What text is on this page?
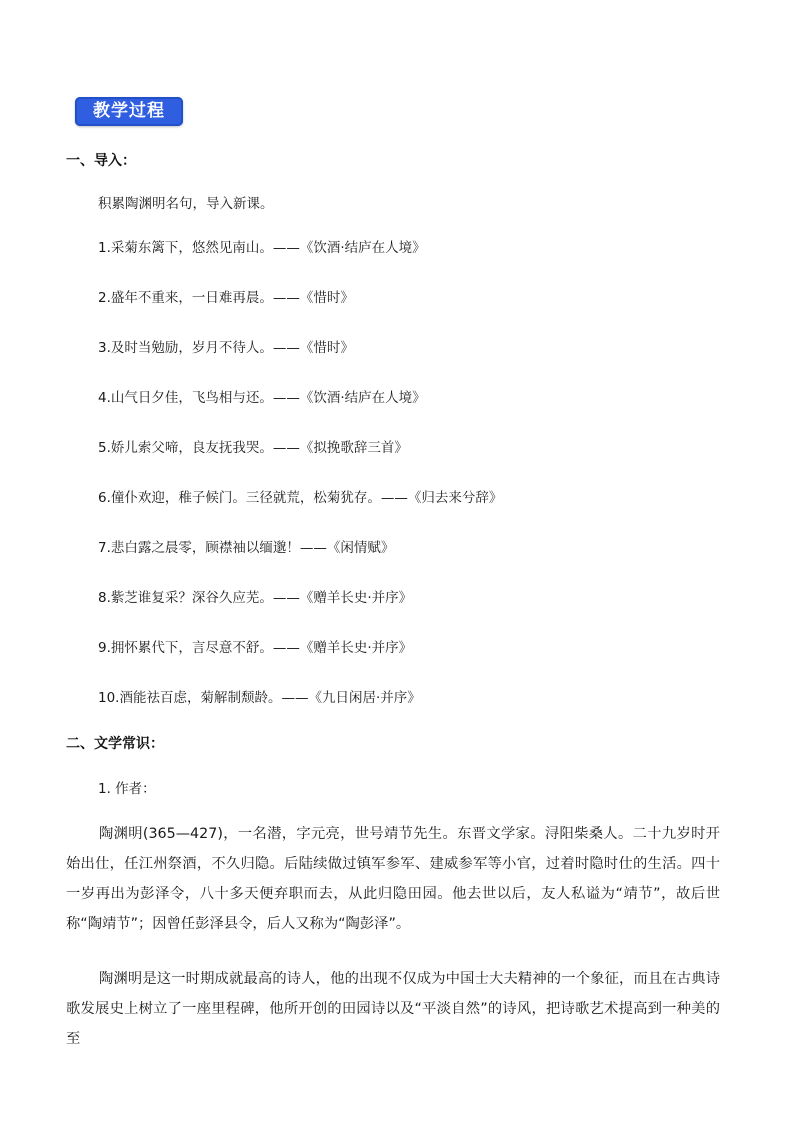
教学过程
一、导入：
积累陶渊明名句，导入新课。
1.采菊东篱下，悠然见南山。——《饮酒·结庐在人境》
2.盛年不重来，一日难再晨。——《惜时》
3.及时当勉励，岁月不待人。——《惜时》
4.山气日夕佳，飞鸟相与还。——《饮酒·结庐在人境》
5.娇儿索父啼，良友抚我哭。——《拟挽歌辞三首》
6.僮仆欢迎，稚子候门。三径就荒，松菊犹存。——《归去来兮辞》
7.悲白露之晨零，顾襟袖以缅邈！——《闲情赋》
8.紫芝谁复采？深谷久应芜。——《赠羊长史·并序》
9.拥怀累代下，言尽意不舒。——《赠羊长史·并序》
10.酒能祛百虑，菊解制颓龄。——《九日闲居·并序》
二、文学常识：
1. 作者：
陶渊明(365—427)，一名潜，字元亮，世号靖节先生。东晋文学家。浔阳柴桑人。二十九岁时开始出仕，任江州祭酒，不久归隐。后陆续做过镇军参军、建威参军等小官，过着时隐时仕的生活。四十一岁再出为彭泽令，八十多天便弃职而去，从此归隐田园。他去世以后，友人私谥为“靖节”，故后世称“陶靖节”；因曾任彭泽县令，后人又称为“陶彭泽”。
陶渊明是这一时期成就最高的诗人，他的出现不仅成为中国士大夫精神的一个象征，而且在古典诗歌发展史上树立了一座里程碑，他所开创的田园诗以及“平淡自然”的诗风，把诗歌艺术提高到一种美的至
